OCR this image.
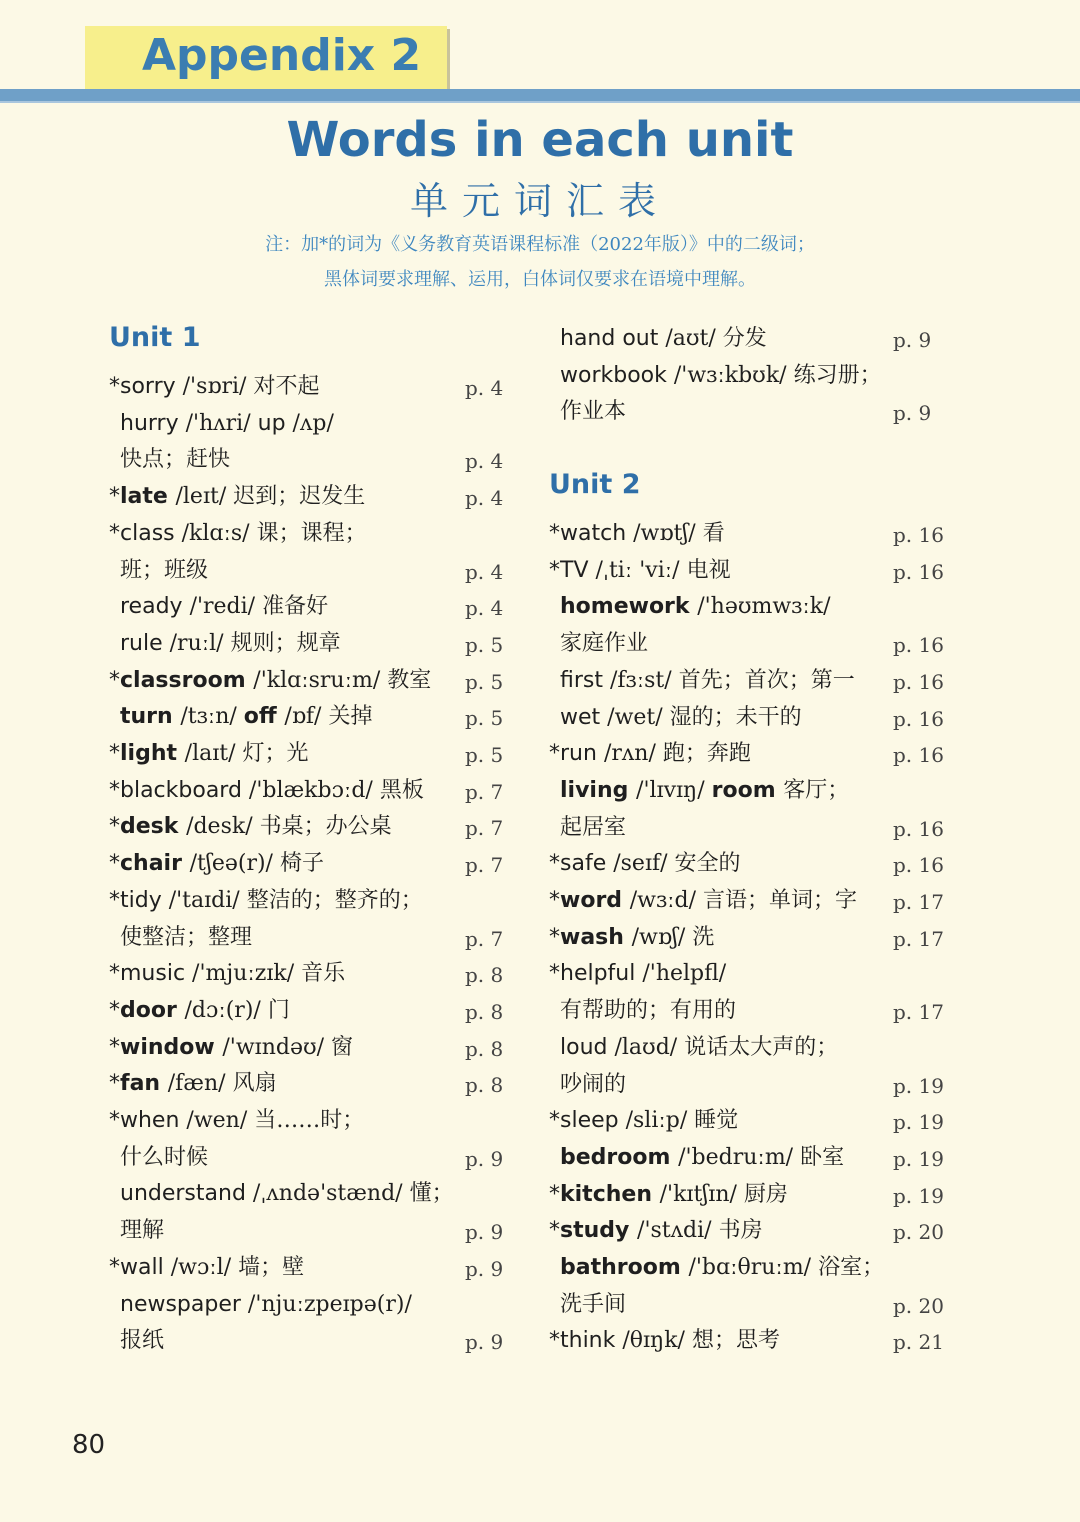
Appendix 2
Words in each unit
单元词汇表
注：加*的词为《义务教育英语课程标准（2022年版）》中的二级词；
黑体词要求理解、运用，白体词仅要求在语境中理解。
Unit 1
*sorry /'sɒri/ 对不起	p. 4
hurry /'hʌri/ up /ʌp/
快点；赶快	p. 4
*late /leɪt/ 迟到；迟发生	p. 4
*class /klɑːs/ 课；课程；
班；班级	p. 4
ready /'redi/ 准备好	p. 4
rule /ruːl/ 规则；规章	p. 5
*classroom /'klɑːsruːm/ 教室 p. 5
turn /tɜːn/ off /ɒf/ 关掉	p. 5
*light /laɪt/ 灯；光	p. 5
*blackboard /'blækbɔːd/ 黑板 p. 7
*desk /desk/ 书桌；办公桌	p. 7
*chair /tʃeə(r)/ 椅子	p. 7
*tidy /'taɪdi/ 整洁的；整齐的；
使整洁；整理	p. 7
*music /'mjuːzɪk/ 音乐	p. 8
*door /dɔː(r)/ 门	p. 8
*window /'wɪndəʊ/ 窗	p. 8
*fan /fæn/ 风扇	p. 8
*when /wen/ 当……时；
什么时候	p. 9
understand /ˌʌndə'stænd/ 懂；
理解	p. 9
*wall /wɔːl/ 墙；壁	p. 9
newspaper /'njuːzpeɪpə(r)/
报纸	p. 9
hand out /aʊt/ 分发	p. 9
workbook /'wɜːkbʊk/ 练习册；
作业本	p. 9
Unit 2
*watch /wɒtʃ/ 看	p. 16
*TV /ˌtiː 'viː/ 电视	p. 16
homework /'həʊmwɜːk/
家庭作业	p. 16
first /fɜːst/ 首先；首次；第一 p. 16
wet /wet/ 湿的；未干的	p. 16
*run /rʌn/ 跑；奔跑	p. 16
living /'lɪvɪŋ/ room 客厅；
起居室	p. 16
*safe /seɪf/ 安全的	p. 16
*word /wɜːd/ 言语；单词；字 p. 17
*wash /wɒʃ/ 洗	p. 17
*helpful /'helpfl/
有帮助的；有用的	p. 17
loud /laʊd/ 说话太大声的；
吵闹的	p. 19
*sleep /sliːp/ 睡觉	p. 19
bedroom /'bedruːm/ 卧室 p. 19
*kitchen /'kɪtʃɪn/ 厨房	p. 19
*study /'stʌdi/ 书房	p. 20
bathroom /'bɑːθruːm/ 浴室；
洗手间	p. 20
*think /θɪŋk/ 想；思考	p. 21
80
